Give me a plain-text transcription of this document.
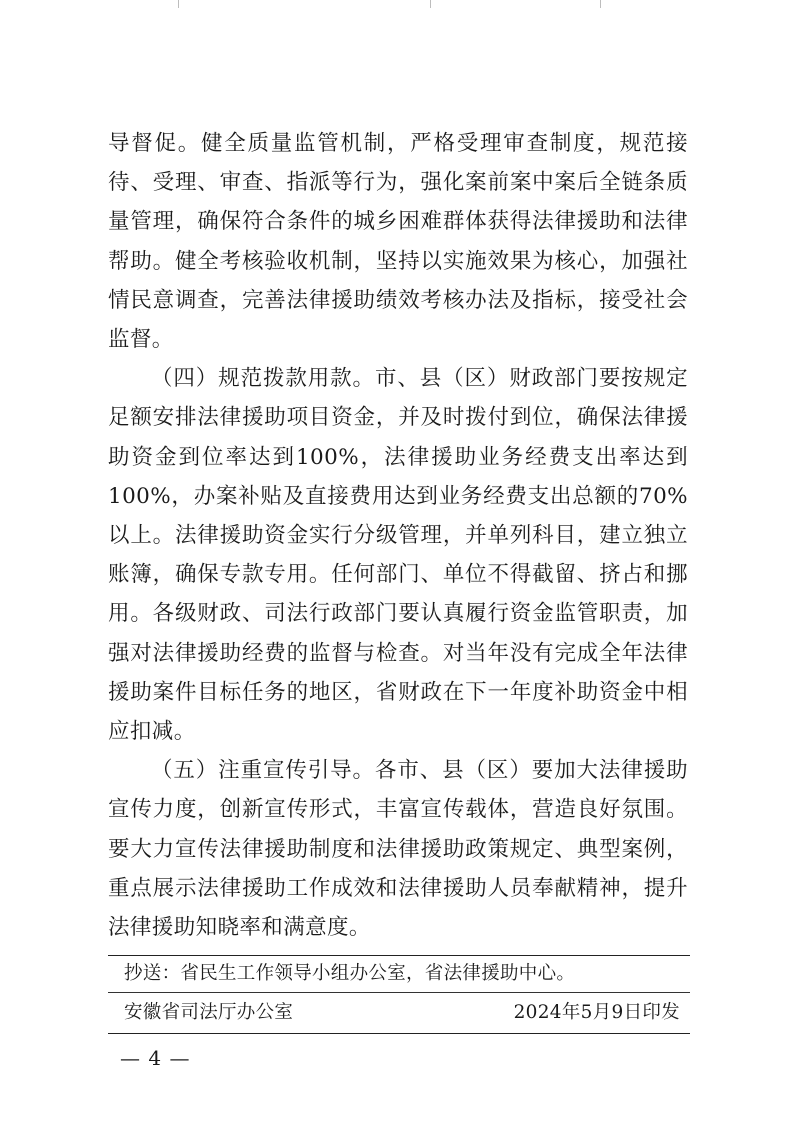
导督促。健全质量监管机制，严格受理审查制度，规范接待、受理、审查、指派等行为，强化案前案中案后全链条质量管理，确保符合条件的城乡困难群体获得法律援助和法律帮助。健全考核验收机制，坚持以实施效果为核心，加强社情民意调查，完善法律援助绩效考核办法及指标，接受社会监督。

（四）规范拨款用款。市、县（区）财政部门要按规定足额安排法律援助项目资金，并及时拨付到位，确保法律援助资金到位率达到100%，法律援助业务经费支出率达到100%，办案补贴及直接费用达到业务经费支出总额的70%以上。法律援助资金实行分级管理，并单列科目，建立独立账簿，确保专款专用。任何部门、单位不得截留、挤占和挪用。各级财政、司法行政部门要认真履行资金监管职责，加强对法律援助经费的监督与检查。对当年没有完成全年法律援助案件目标任务的地区，省财政在下一年度补助资金中相应扣减。

（五）注重宣传引导。各市、县（区）要加大法律援助宣传力度，创新宣传形式，丰富宣传载体，营造良好氛围。要大力宣传法律援助制度和法律援助政策规定、典型案例，重点展示法律援助工作成效和法律援助人员奉献精神，提升法律援助知晓率和满意度。

抄送：省民生工作领导小组办公室，省法律援助中心。
安徽省司法厅办公室	2024年5月9日印发
— 4 —
